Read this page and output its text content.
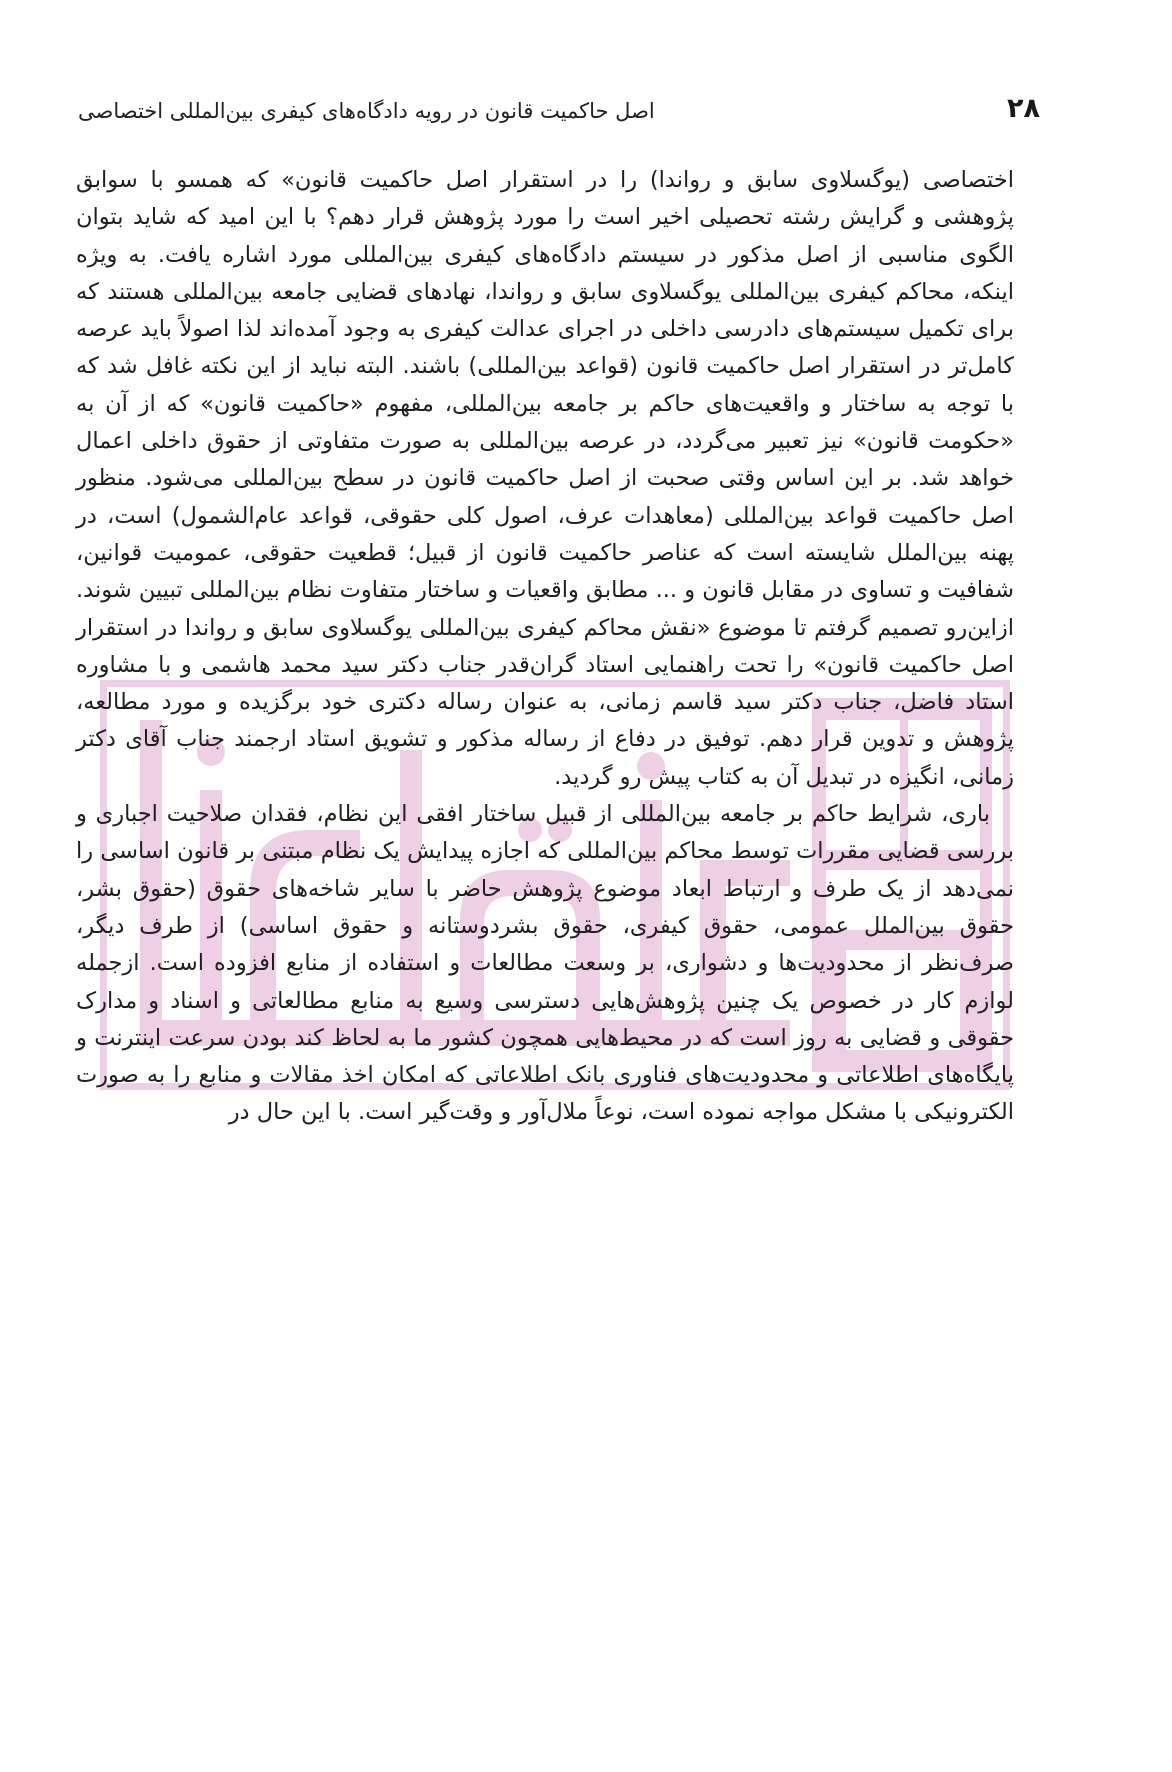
۲۸
اصل حاکمیت قانون در رویه دادگاه‌های کیفری بین‌المللی اختصاصی

اختصاصی (یوگسلاوی سابق و رواندا) را در استقرار اصل حاکمیت قانون» که همسو با سوابق پژوهشی و گرایش رشته تحصیلی اخیر است را مورد پژوهش قرار دهم؟ با این امید که شاید بتوان الگوی مناسبی از اصل مذکور در سیستم دادگاه‌های کیفری بین‌المللی مورد اشاره یافت. به ویژه اینکه، محاکم کیفری بین‌المللی یوگسلاوی سابق و رواندا، نهادهای قضایی جامعه بین‌المللی هستند که برای تکمیل سیستم‌های دادرسی داخلی در اجرای عدالت کیفری به وجود آمده‌اند لذا اصولاً باید عرصه کامل‌تر در استقرار اصل حاکمیت قانون (قواعد بین‌المللی) باشند. البته نباید از این نکته غافل شد که با توجه به ساختار و واقعیت‌های حاکم بر جامعه بین‌المللی، مفهوم «حاکمیت قانون» که از آن به «حکومت قانون» نیز تعبیر می‌گردد، در عرصه بین‌المللی به صورت متفاوتی از حقوق داخلی اعمال خواهد شد. بر این اساس وقتی صحبت از اصل حاکمیت قانون در سطح بین‌المللی می‌شود. منظور اصل حاکمیت قواعد بین‌المللی (معاهدات عرف، اصول کلی حقوقی، قواعد عام‌الشمول) است، در پهنه بین‌الملل شایسته است که عناصر حاکمیت قانون از قبیل؛ قطعیت حقوقی، عمومیت قوانین، شفافیت و تساوی در مقابل قانون و ... مطابق واقعیات و ساختار متفاوت نظام بین‌المللی تبیین شوند. ازاین‌رو تصمیم گرفتم تا موضوع «نقش محاکم کیفری بین‌المللی یوگسلاوی سابق و رواندا در استقرار اصل حاکمیت قانون» را تحت راهنمایی استاد گران‌قدر جناب دکتر سید محمد هاشمی و با مشاوره استاد فاضل، جناب دکتر سید قاسم زمانی، به عنوان رساله دکتری خود برگزیده و مورد مطالعه، پژوهش و تدوین قرار دهم. توفیق در دفاع از رساله مذکور و تشویق استاد ارجمند جناب آقای دکتر زمانی، انگیزه در تبدیل آن به کتاب پیش رو گردید.

باری، شرایط حاکم بر جامعه بین‌المللی از قبیل ساختار افقی این نظام، فقدان صلاحیت اجباری و بررسی قضایی مقررات توسط محاکم بین‌المللی که اجازه پیدایش یک نظام مبتنی بر قانون اساسی را نمی‌دهد از یک طرف و ارتباط ابعاد موضوع پژوهش حاضر با سایر شاخه‌های حقوق (حقوق بشر، حقوق بین‌الملل عمومی، حقوق کیفری، حقوق بشردوستانه و حقوق اساسی) از طرف دیگر، صرف‌نظر از محدودیت‌ها و دشواری، بر وسعت مطالعات و استفاده از منابع افزوده است. ازجمله لوازم کار در خصوص یک چنین پژوهش‌هایی دسترسی وسیع به منابع مطالعاتی و اسناد و مدارک حقوقی و قضایی به روز است که در محیط‌هایی همچون کشور ما به لحاظ کند بودن سرعت اینترنت و پایگاه‌های اطلاعاتی و محدودیت‌های فناوری بانک اطلاعاتی که امکان اخذ مقالات و منابع را به صورت الکترونیکی با مشکل مواجه نموده است، نوعاً ملال‌آور و وقت‌گیر است. با این حال در
